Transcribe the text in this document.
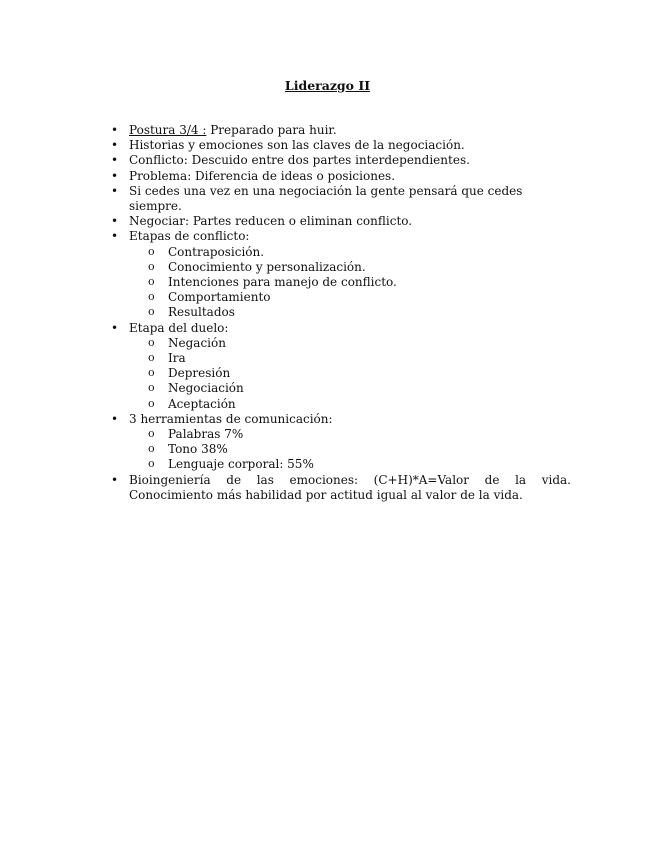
Liderazgo II
• Postura 3/4 : Preparado para huir.
• Historias y emociones son las claves de la negociación.
• Conflicto: Descuido entre dos partes interdependientes.
• Problema: Diferencia de ideas o posiciones.
• Si cedes una vez en una negociación la gente pensará que cedes siempre.
• Negociar: Partes reducen o eliminan conflicto.
• Etapas de conflicto:
o Contraposición.
o Conocimiento y personalización.
o Intenciones para manejo de conflicto.
o Comportamiento
o Resultados
• Etapa del duelo:
o Negación
o Ira
o Depresión
o Negociación
o Aceptación
• 3 herramientas de comunicación:
o Palabras 7%
o Tono 38%
o Lenguaje corporal: 55%
• Bioingeniería de las emociones: (C+H)*A=Valor de la vida. Conocimiento más habilidad por actitud igual al valor de la vida.
